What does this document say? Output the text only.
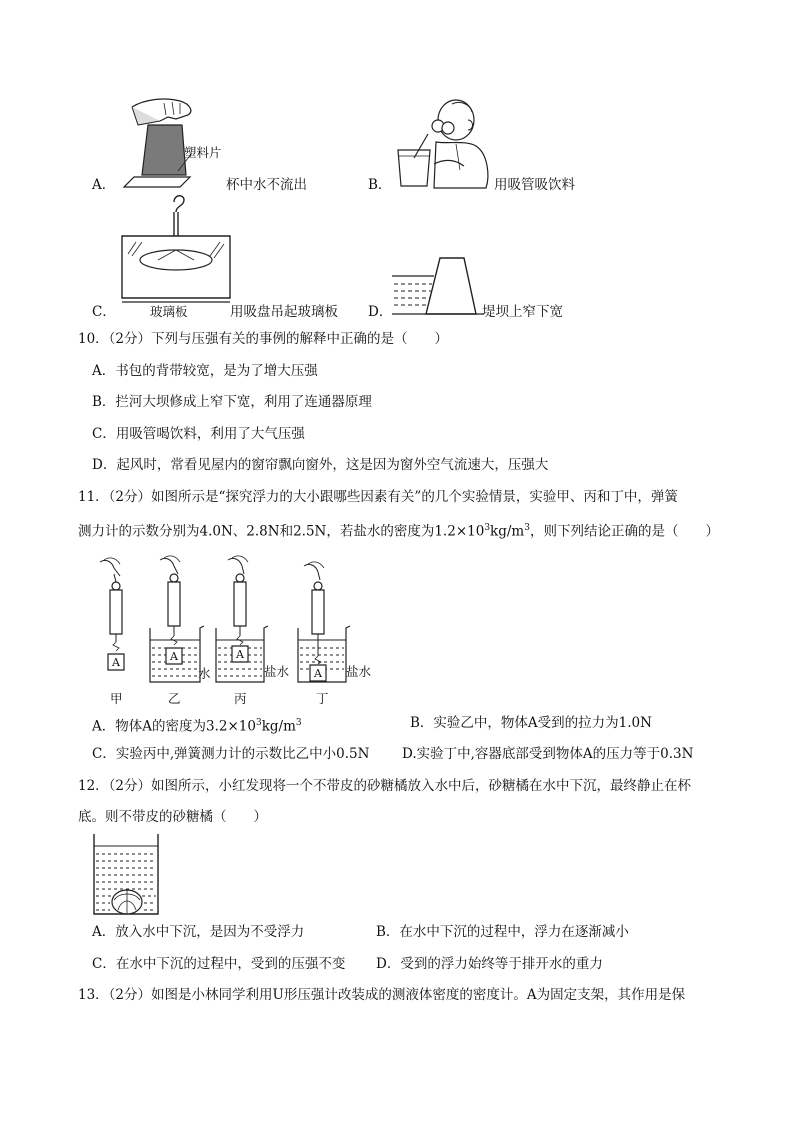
塑料片
A．	杯中水不流出	B．	用吸管吸饮料
玻璃板
C．	用吸盘吊起玻璃板 D．	堤坝上窄下宽
10．（2分）下列与压强有关的事例的解释中正确的是（　　）
A．书包的背带较宽，是为了增大压强
B．拦河大坝修成上窄下宽，利用了连通器原理
C．用吸管喝饮料，利用了大气压强
D．起风时，常看见屋内的窗帘飘向窗外，这是因为窗外空气流速大，压强大
11．（2分）如图所示是“探究浮力的大小跟哪些因素有关”的几个实验情景，实验甲、丙和丁中，弹簧
测力计的示数分别为4.0N、2.8N和2.5N，若盐水的密度为$1.2\times 10^3kg/m^3$，则下列结论正确的是（　　）
A	A	A
A
水	盐水	盐水
甲	乙	丙	丁
A．物体A的密度为$3.2\times 10^3kg/m^3$	B．实验乙中，物体A受到的拉力为1.0N
C．实验丙中,弹簧测力计的示数比乙中小0.5N D.实验丁中,容器底部受到物体A的压力等于0.3N
12．（2分）如图所示，小红发现将一个不带皮的砂糖橘放入水中后，砂糖橘在水中下沉，最终静止在杯
底。则不带皮的砂糖橘（　　）
A．放入水中下沉，是因为不受浮力	B．在水中下沉的过程中，浮力在逐渐减小
C．在水中下沉的过程中，受到的压强不变 D．受到的浮力始终等于排开水的重力
13．（2分）如图是小林同学利用U形压强计改装成的测液体密度的密度计。A为固定支架，其作用是保
